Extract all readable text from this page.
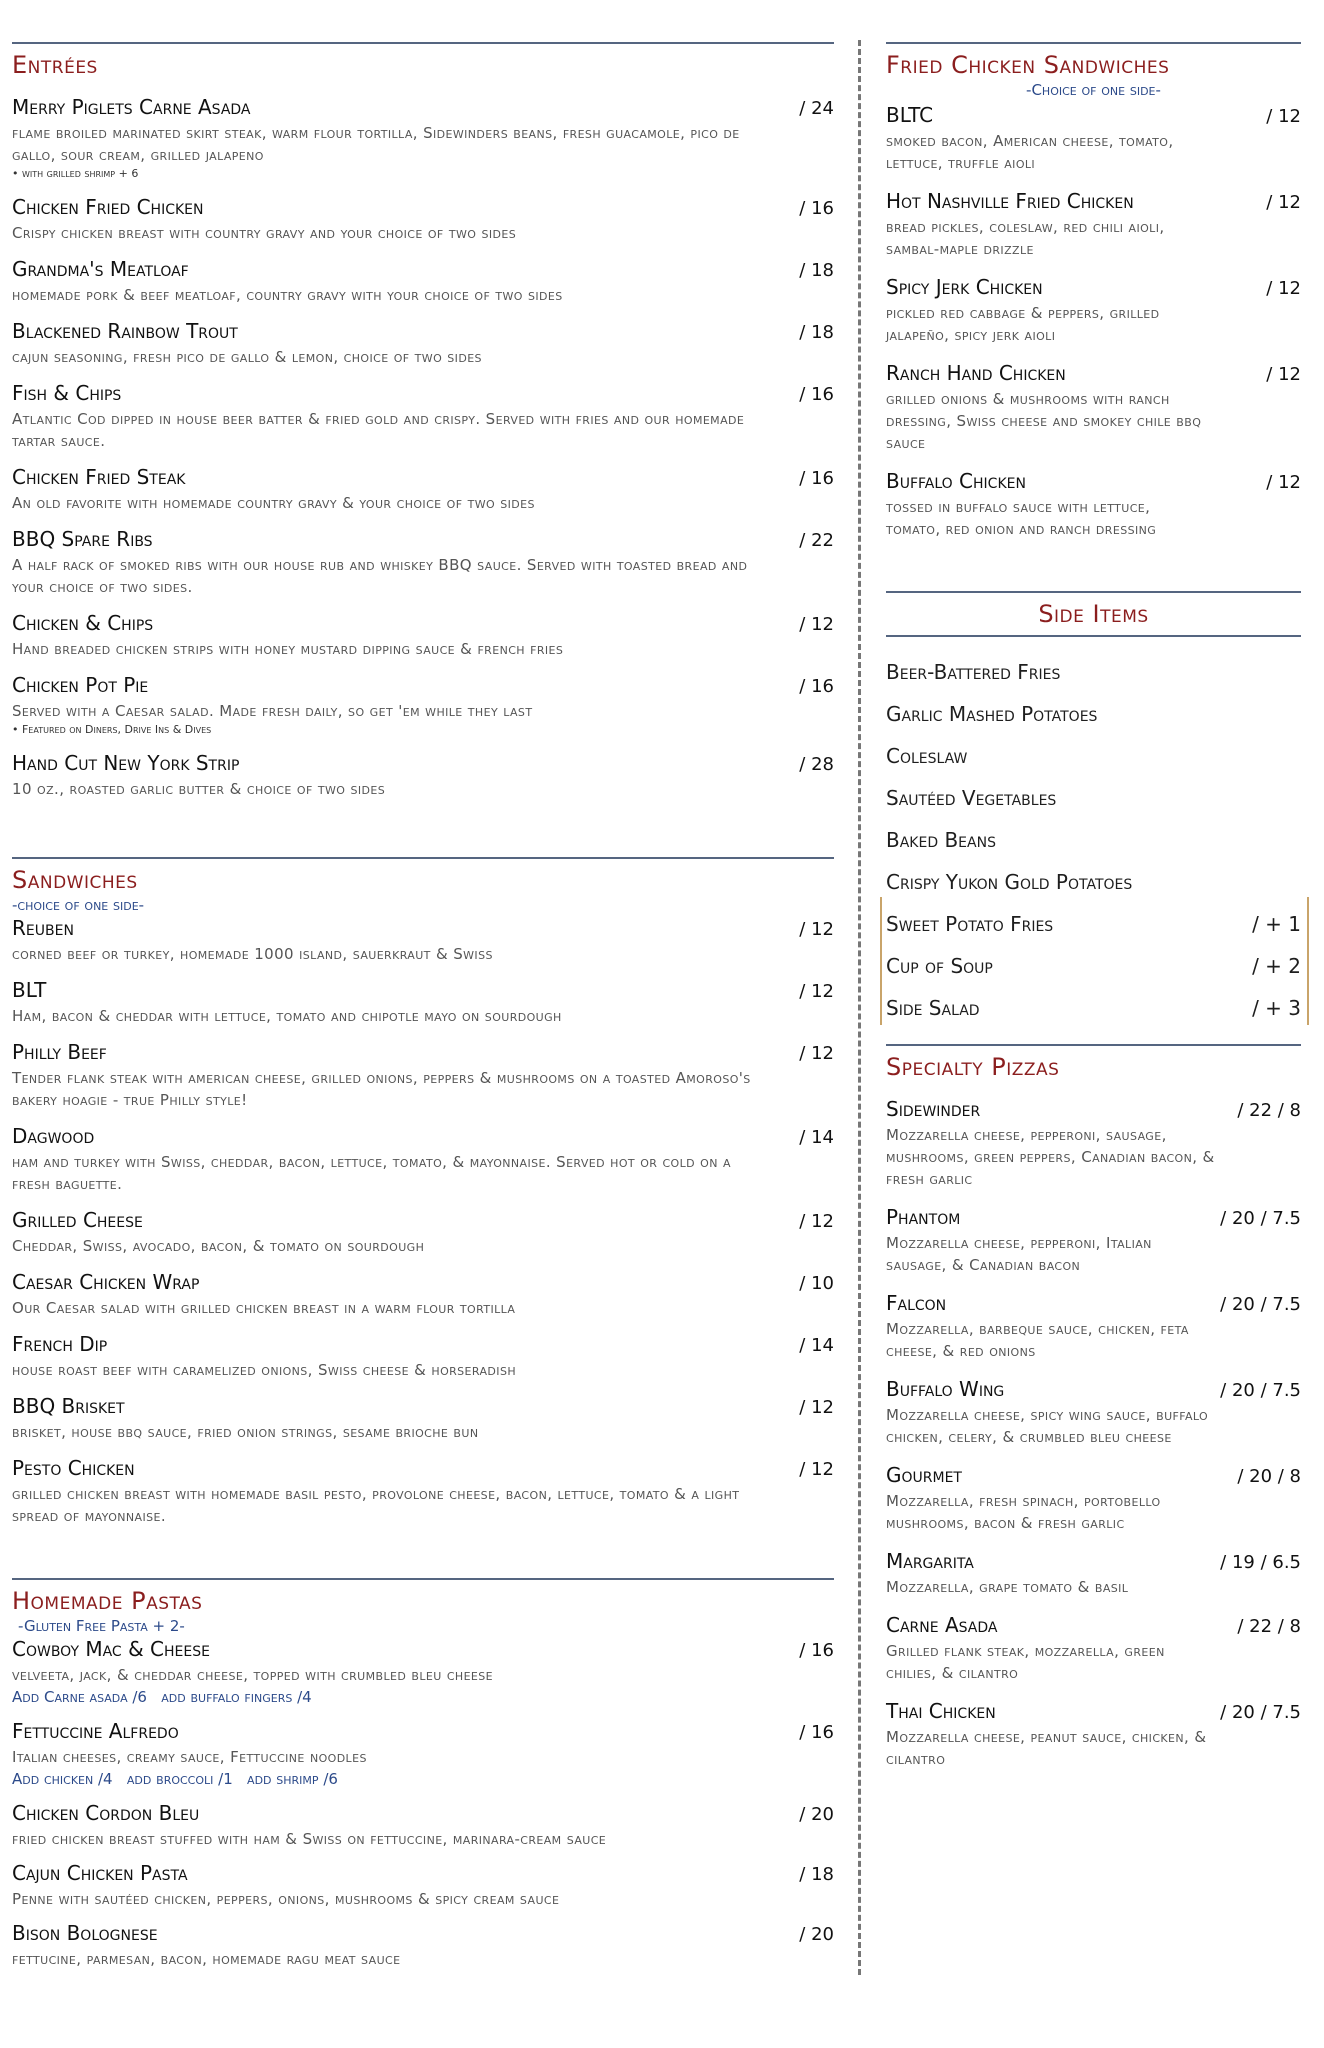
Entrées
Merry Piglets Carne Asada	/ 24
flame broiled marinated skirt steak, warm flour tortilla, Sidewinders beans, fresh guacamole, pico de gallo, sour cream, grilled jalapeno
• with grilled shrimp + 6
Chicken Fried Chicken	/ 16
Crispy chicken breast with country gravy and your choice of two sides
Grandma's Meatloaf	/ 18
homemade pork & beef meatloaf, country gravy with your choice of two sides
Blackened Rainbow Trout	/ 18
cajun seasoning, fresh pico de gallo & lemon, choice of two sides
Fish & Chips	/ 16
Atlantic Cod dipped in house beer batter & fried gold and crispy. Served with fries and our homemade tartar sauce.
Chicken Fried Steak	/ 16
An old favorite with homemade country gravy & your choice of two sides
BBQ Spare Ribs	/ 22
A half rack of smoked ribs with our house rub and whiskey BBQ sauce. Served with toasted bread and your choice of two sides.
Chicken & Chips	/ 12
Hand breaded chicken strips with honey mustard dipping sauce & french fries
Chicken Pot Pie	/ 16
Served with a Caesar salad. Made fresh daily, so get 'em while they last
• Featured on Diners, Drive Ins & Dives
Hand Cut New York Strip	/ 28
10 oz., roasted garlic butter & choice of two sides
Sandwiches
-choice of one side-
Reuben	/ 12
corned beef or turkey, homemade 1000 island, sauerkraut & Swiss
BLT	/ 12
Ham, bacon & cheddar with lettuce, tomato and chipotle mayo on sourdough
Philly Beef	/ 12
Tender flank steak with american cheese, grilled onions, peppers & mushrooms on a toasted Amoroso's bakery hoagie - true Philly style!
Dagwood	/ 14
ham and turkey with Swiss, cheddar, bacon, lettuce, tomato, & mayonnaise. Served hot or cold on a fresh baguette.
Grilled Cheese	/ 12
Cheddar, Swiss, avocado, bacon, & tomato on sourdough
Caesar Chicken Wrap	/ 10
Our Caesar salad with grilled chicken breast in a warm flour tortilla
French Dip	/ 14
house roast beef with caramelized onions, Swiss cheese & horseradish
BBQ Brisket	/ 12
brisket, house bbq sauce, fried onion strings, sesame brioche bun
Pesto Chicken	/ 12
grilled chicken breast with homemade basil pesto, provolone cheese, bacon, lettuce, tomato & a light spread of mayonnaise.
Homemade Pastas
-Gluten Free Pasta + 2-
Cowboy Mac & Cheese	/ 16
velveeta, jack, & cheddar cheese, topped with crumbled bleu cheese
Add Carne asada /6   add buffalo fingers /4
Fettuccine Alfredo	/ 16
Italian cheeses, creamy sauce, Fettuccine noodles
Add chicken /4   add broccoli /1   add shrimp /6
Chicken Cordon Bleu	/ 20
fried chicken breast stuffed with ham & Swiss on fettuccine, marinara-cream sauce
Cajun Chicken Pasta	/ 18
Penne with sautéed chicken, peppers, onions, mushrooms & spicy cream sauce
Bison Bolognese	/ 20
fettucine, parmesan, bacon, homemade ragu meat sauce
Fried Chicken Sandwiches
-Choice of one side-
BLTC	/ 12
smoked bacon, American cheese, tomato, lettuce, truffle aioli
Hot Nashville Fried Chicken	/ 12
bread pickles, coleslaw, red chili aioli, sambal-maple drizzle
Spicy Jerk Chicken	/ 12
pickled red cabbage & peppers, grilled jalapeño, spicy jerk aioli
Ranch Hand Chicken	/ 12
grilled onions & mushrooms with ranch dressing, Swiss cheese and smokey chile bbq sauce
Buffalo Chicken	/ 12
tossed in buffalo sauce with lettuce, tomato, red onion and ranch dressing
Side Items
Beer-Battered Fries
Garlic Mashed Potatoes
Coleslaw
Sautéed Vegetables
Baked Beans
Crispy Yukon Gold Potatoes
Sweet Potato Fries	/ + 1
Cup of Soup	/ + 2
Side Salad	/ + 3
Specialty Pizzas
Sidewinder	/ 22 / 8
Mozzarella cheese, pepperoni, sausage, mushrooms, green peppers, Canadian bacon, & fresh garlic
Phantom	/ 20 / 7.5
Mozzarella cheese, pepperoni, Italian sausage, & Canadian bacon
Falcon	/ 20 / 7.5
Mozzarella, barbeque sauce, chicken, feta cheese, & red onions
Buffalo Wing	/ 20 / 7.5
Mozzarella cheese, spicy wing sauce, buffalo chicken, celery, & crumbled bleu cheese
Gourmet	/ 20 / 8
Mozzarella, fresh spinach, portobello mushrooms, bacon & fresh garlic
Margarita	/ 19 / 6.5
Mozzarella, grape tomato & basil
Carne Asada	/ 22 / 8
Grilled flank steak, mozzarella, green chilies, & cilantro
Thai Chicken	/ 20 / 7.5
Mozzarella cheese, peanut sauce, chicken, & cilantro
